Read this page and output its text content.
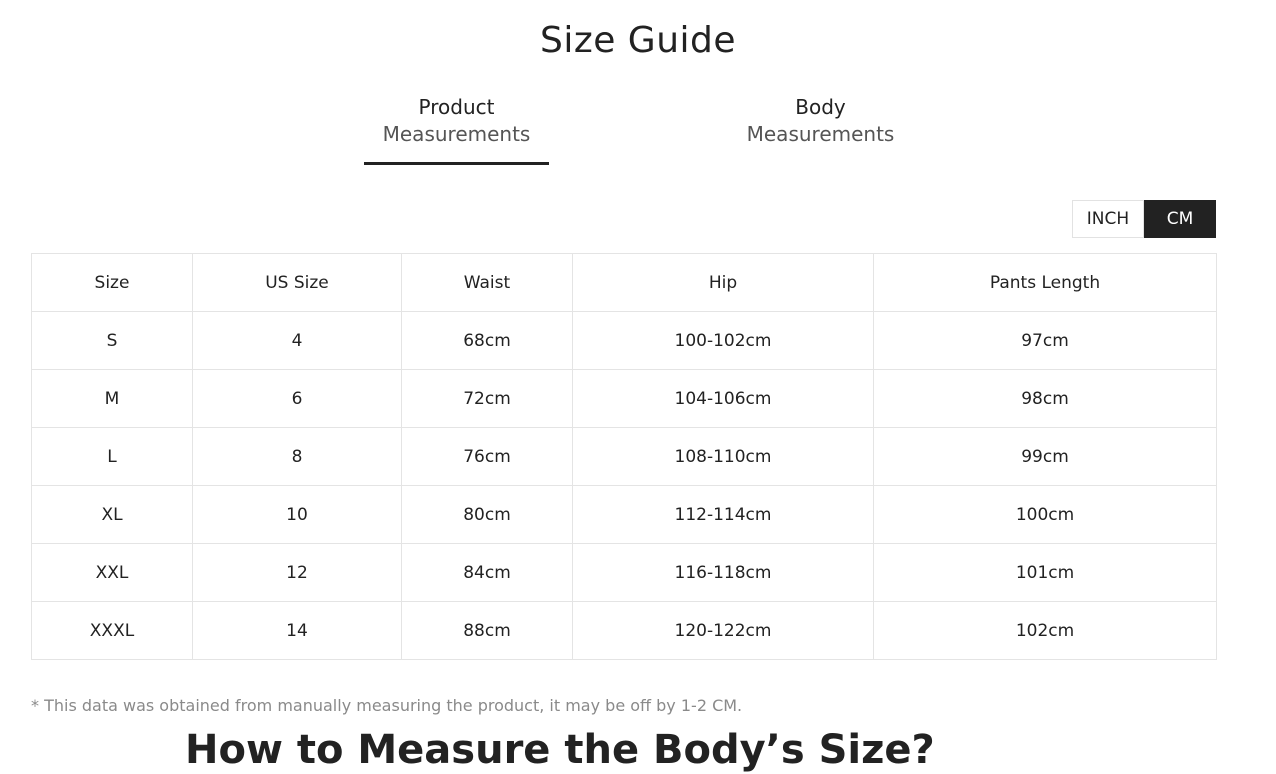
Size Guide
Product
Measurements
Body
Measurements
INCH	CM
Size	US Size	Waist	Hip	Pants Length
S	4	68cm	100-102cm	97cm
M	6	72cm	104-106cm	98cm
L	8	76cm	108-110cm	99cm
XL	10	80cm	112-114cm	100cm
XXL	12	84cm	116-118cm	101cm
XXXL	14	88cm	120-122cm	102cm

* This data was obtained from manually measuring the product, it may be off by 1-2 CM.

How to Measure the Body’s Size?
